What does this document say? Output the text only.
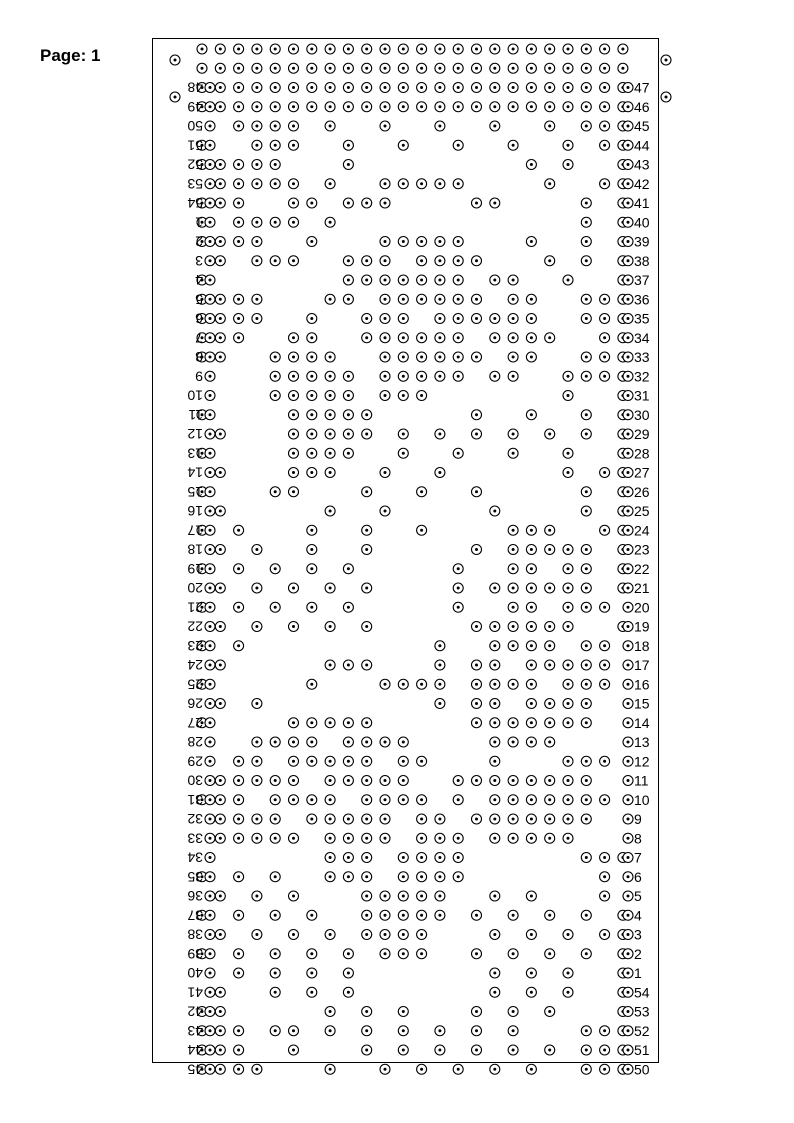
Page: 1
47
48
46
49
45
50
44
51
43
52
42
53
41
54
40
1
39
2
38
3
37
4
36
5
35
6
34
7
33
8
32
9
31
10
30
11
29
12
28
13
27
14
26
15
25
16
24
17
23
18
22
19
21
20
20
21
19
22
18
23
17
24
16
25
15
26
14
27
13
28
12
29
11
30
10
31
9
32
8
33
7
34
6
35
5
36
4
37
3
38
2
39
1
40
54
41
53
42
52
43
51
44
50
45
